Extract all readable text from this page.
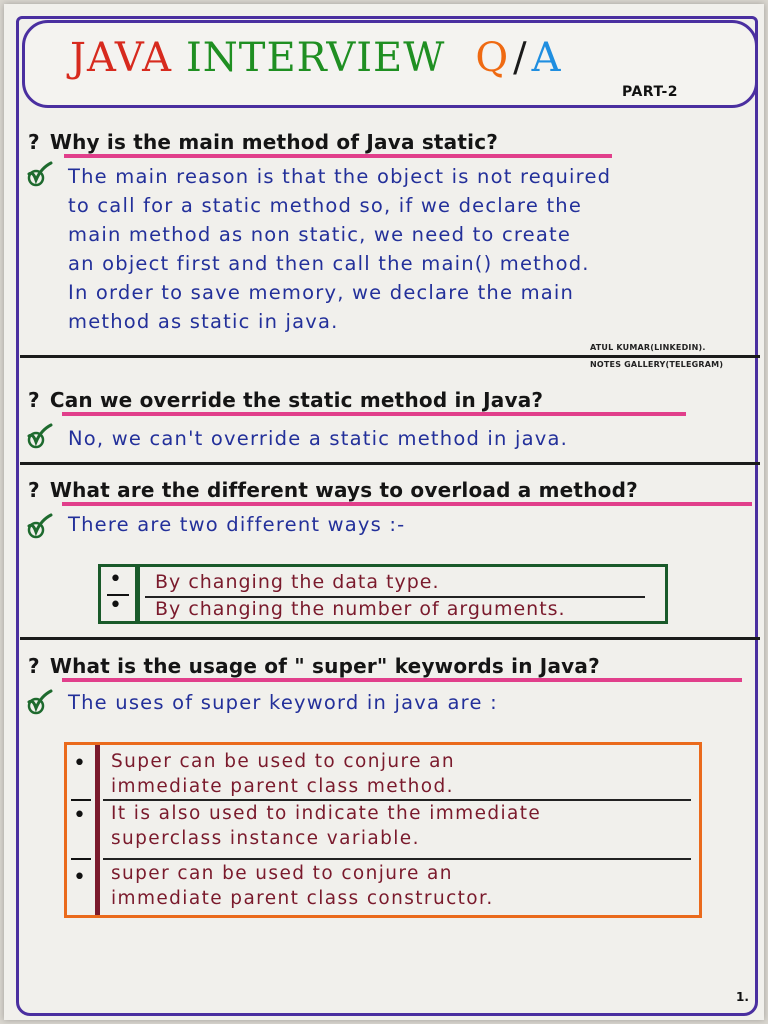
JAVA INTERVIEW Q / A
PART-2

? Why is the main method of Java static?

The main reason is that the object is not required
to call for a static method so, if we declare the
main method as non static, we need to create
an object first and then call the main() method.
In order to save memory, we declare the main
method as static in java.
ATUL KUMAR(LINKEDIN).
NOTES GALLERY(TELEGRAM)

? Can we override the static method in Java?

No, we can't override a static method in java.

? What are the different ways to overload a method?

There are two different ways :-
•
•

By changing the data type.

By changing the number of arguments.

? What is the usage of " super" keywords in Java?

The uses of super keyword in java are :
• Super can be used to conjure an
immediate parent class method.

• It is also used to indicate the immediate
superclass instance variable.

• super can be used to conjure an
immediate parent class constructor.

1.
